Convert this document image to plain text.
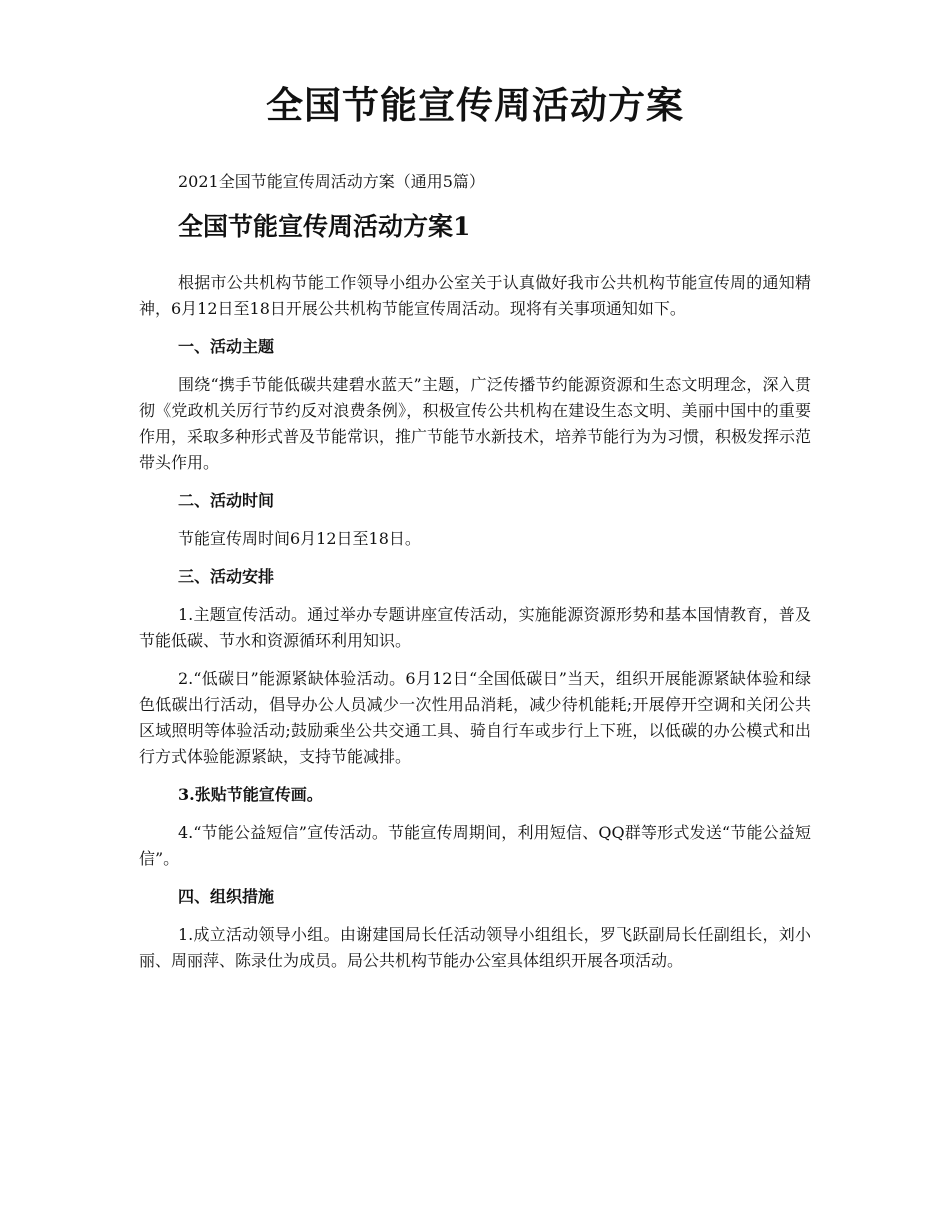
全国节能宣传周活动方案

2021全国节能宣传周活动方案（通用5篇）

全国节能宣传周活动方案1

根据市公共机构节能工作领导小组办公室关于认真做好我市公共机构节能宣传周的通知精神，6月12日至18日开展公共机构节能宣传周活动。现将有关事项通知如下。

一、活动主题

围绕“携手节能低碳共建碧水蓝天”主题，广泛传播节约能源资源和生态文明理念，深入贯彻《党政机关厉行节约反对浪费条例》，积极宣传公共机构在建设生态文明、美丽中国中的重要作用，采取多种形式普及节能常识，推广节能节水新技术，培养节能行为为习惯，积极发挥示范带头作用。

二、活动时间

节能宣传周时间6月12日至18日。

三、活动安排

1.主题宣传活动。通过举办专题讲座宣传活动，实施能源资源形势和基本国情教育，普及节能低碳、节水和资源循环利用知识。

2.“低碳日”能源紧缺体验活动。6月12日“全国低碳日”当天，组织开展能源紧缺体验和绿色低碳出行活动，倡导办公人员减少一次性用品消耗，减少待机能耗;开展停开空调和关闭公共区域照明等体验活动;鼓励乘坐公共交通工具、骑自行车或步行上下班，以低碳的办公模式和出行方式体验能源紧缺，支持节能减排。

3.张贴节能宣传画。

4.“节能公益短信”宣传活动。节能宣传周期间，利用短信、QQ群等形式发送“节能公益短信”。

四、组织措施

1.成立活动领导小组。由谢建国局长任活动领导小组组长，罗飞跃副局长任副组长，刘小丽、周丽萍、陈录仕为成员。局公共机构节能办公室具体组织开展各项活动。
